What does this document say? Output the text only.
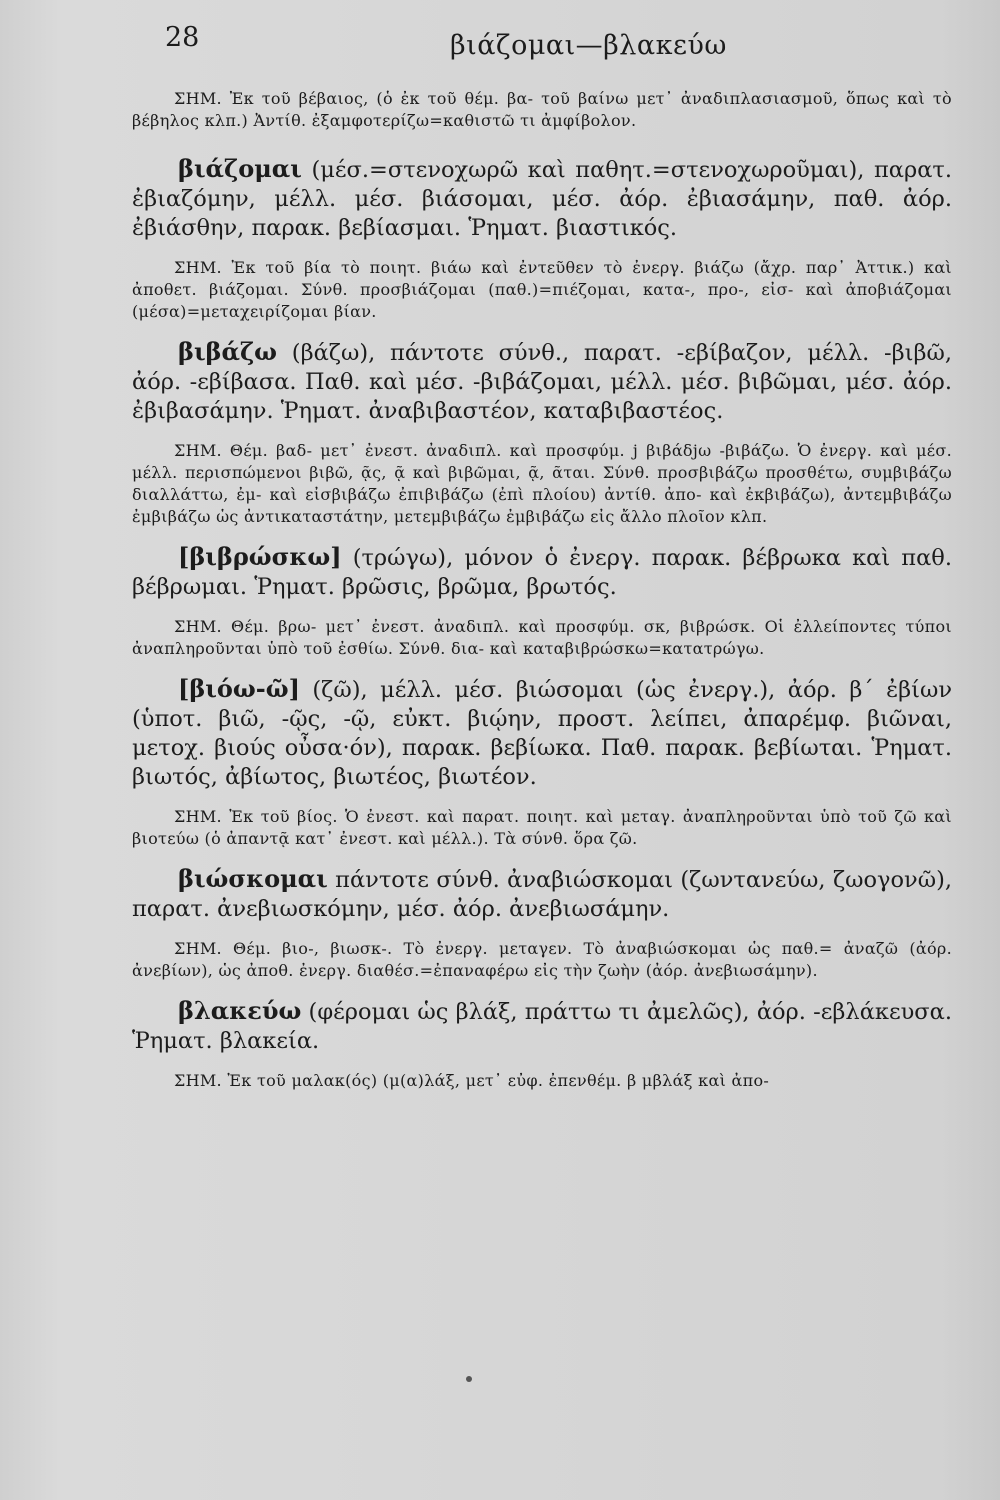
28	βιάζομαι—βλακεύω

ΣΗΜ. Ἐκ τοῦ βέβαιος, (ὁ ἐκ τοῦ θέμ. βα- τοῦ βαίνω μετ᾽ ἀναδιπλασιασμοῦ, ὅπως καὶ τὸ βέβηλος κλπ.) Ἀντίθ. ἐξαμφοτερίζω=καθιστῶ τι ἀμφίβολον.

βιάζομαι (μέσ.=στενοχωρῶ καὶ παθητ.=στενοχωροῦμαι), παρατ. ἐβιαζόμην, μέλλ. μέσ. βιάσομαι, μέσ. ἀόρ. ἐβιασάμην, παθ. ἀόρ. ἐβιάσθην, παρακ. βεβίασμαι. Ῥηματ. βιαστικός.

ΣΗΜ. Ἐκ τοῦ βία τὸ ποιητ. βιάω καὶ ἐντεῦθεν τὸ ἐνεργ. βιάζω (ἄχρ. παρ᾽ Ἀττικ.) καὶ ἀποθετ. βιάζομαι. Σύνθ. προσβιάζομαι (παθ.)=πιέζομαι, κατα-, προ-, εἰσ- καὶ ἀποβιάζομαι (μέσα)=μεταχειρίζομαι βίαν.

βιβάζω (βάζω), πάντοτε σύνθ., παρατ. -εβίβαζον, μέλλ. -βιβῶ, ἀόρ. -εβίβασα. Παθ. καὶ μέσ. -βιβάζομαι, μέλλ. μέσ. βιβῶμαι, μέσ. ἀόρ. ἐβιβασάμην. Ῥηματ. ἀναβιβαστέον, καταβιβαστέος.

ΣΗΜ. Θέμ. βαδ- μετ᾽ ἐνεστ. ἀναδιπλ. καὶ προσφύμ. j βιβάδjω -βιβάζω. Ὁ ἐνεργ. καὶ μέσ. μέλλ. περισπώμενοι βιβῶ, ᾷς, ᾷ καὶ βιβῶμαι, ᾷ, ᾶται. Σύνθ. προσβιβάζω προσθέτω, συμβιβάζω διαλλάττω, ἐμ- καὶ εἰσβιβάζω ἐπιβιβάζω (ἐπὶ πλοίου) ἀντίθ. ἀπο- καὶ ἐκβιβάζω), ἀντεμβιβάζω ἐμβιβάζω ὡς ἀντικαταστάτην, μετεμβιβάζω ἐμβιβάζω εἰς ἄλλο πλοῖον κλπ.

[βιβρώσκω] (τρώγω), μόνον ὁ ἐνεργ. παρακ. βέβρωκα καὶ παθ. βέβρωμαι. Ῥηματ. βρῶσις, βρῶμα, βρωτός.

ΣΗΜ. Θέμ. βρω- μετ᾽ ἐνεστ. ἀναδιπλ. καὶ προσφύμ. σκ, βιβρώσκ. Οἱ ἐλλείποντες τύποι ἀναπληροῦνται ὑπὸ τοῦ ἐσθίω. Σύνθ. δια- καὶ καταβιβρώσκω=κατατρώγω.

[βιόω-ῶ] (ζῶ), μέλλ. μέσ. βιώσομαι (ὡς ἐνεργ.), ἀόρ. β´ ἐβίων (ὑποτ. βιῶ, -ῷς, -ῷ, εὐκτ. βιῴην, προστ. λείπει, ἀπαρέμφ. βιῶναι, μετοχ. βιούς οὖσα·όν), παρακ. βεβίωκα. Παθ. παρακ. βεβίωται. Ῥηματ. βιωτός, ἀβίωτος, βιωτέος, βιωτέον.

ΣΗΜ. Ἐκ τοῦ βίος. Ὁ ἐνεστ. καὶ παρατ. ποιητ. καὶ μεταγ. ἀναπληροῦνται ὑπὸ τοῦ ζῶ καὶ βιοτεύω (ὁ ἀπαντᾷ κατ᾽ ἐνεστ. καὶ μέλλ.). Τὰ σύνθ. ὅρα ζῶ.

βιώσκομαι πάντοτε σύνθ. ἀναβιώσκομαι (ζωντανεύω, ζωογονῶ), παρατ. ἀνεβιωσκόμην, μέσ. ἀόρ. ἀνεβιωσάμην.

ΣΗΜ. Θέμ. βιο-, βιωσκ-. Τὸ ἐνεργ. μεταγεν. Τὸ ἀναβιώσκομαι ὡς παθ.= ἀναζῶ (ἀόρ. ἀνεβίων), ὡς ἀποθ. ἐνεργ. διαθέσ.=ἐπαναφέρω εἰς τὴν ζωὴν (ἀόρ. ἀνεβιωσάμην).

βλακεύω (φέρομαι ὡς βλάξ, πράττω τι ἀμελῶς), ἀόρ. -εβλάκευσα. Ῥηματ. βλακεία.

ΣΗΜ. Ἐκ τοῦ μαλακ(ός) (μ(α)λάξ, μετ᾽ εὐφ. ἐπενθέμ. β μβλάξ καὶ ἀπο-
